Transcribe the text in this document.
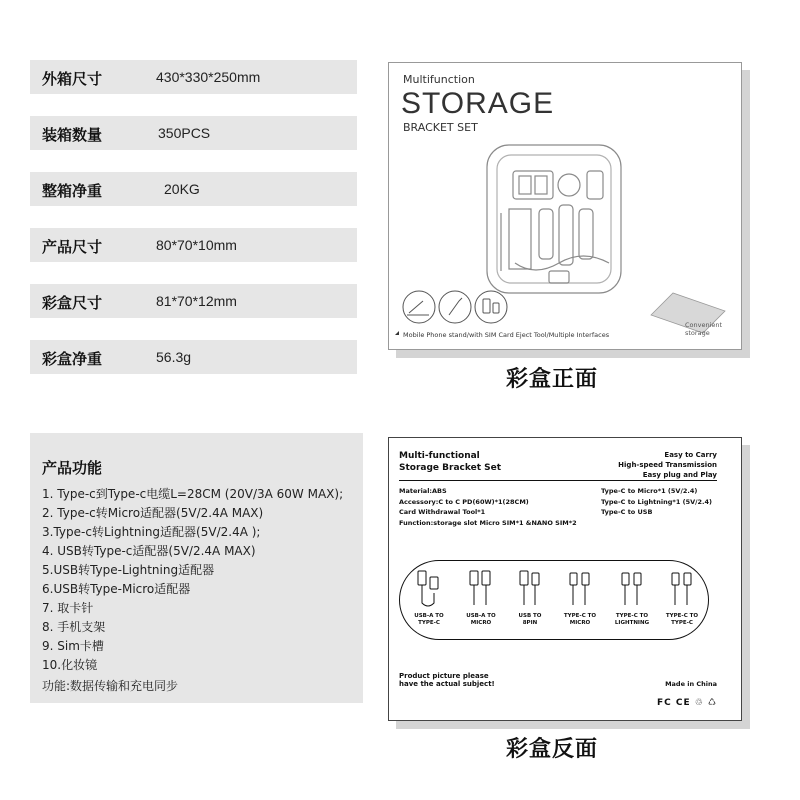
外箱尺寸	430*330*250mm
装箱数量	350PCS
整箱净重	20KG
产品尺寸	80*70*10mm
彩盒尺寸	81*70*12mm
彩盒净重	56.3g
产品功能
1. Type-c到Type-c电缆L=28CM (20V/3A 60W MAX);
2. Type-c转Micro适配器(5V/2.4A MAX)
3.Type-c转Lightning适配器(5V/2.4A );
4. USB转Type-c适配器(5V/2.4A MAX)
5.USB转Type-Lightning适配器
6.USB转Type-Micro适配器
7. 取卡针
8. 手机支架
9. Sim卡槽
10.化妆镜
功能:数据传输和充电同步
Multifunction
STORAGE
BRACKET SET
Mobile Phone stand/with SIM Card Eject Tool/Multiple Interfaces
Convenient storage
彩盒正面
Multi-functional
Storage Bracket Set
Easy to Carry
High-speed Transmission
Easy plug and Play
Material:ABS
Accessory:C to C PD(60W)*1(28CM)
Card Withdrawal Tool*1
Function:storage slot Micro SIM*1 &NANO SIM*2
Type-C to Micro*1 (5V/2.4)
Type-C to Lightning*1 (5V/2.4)
Type-C to USB
USB-A TO
TYPE-C
USB-A TO
MICRO
USB TO
8PIN
TYPE-C TO
MICRO
TYPE-C TO
LIGHTNING
TYPE-C TO
TYPE-C
Product picture please
have the actual subject!	Made in China
FC CE ♲ ♺
彩盒反面
